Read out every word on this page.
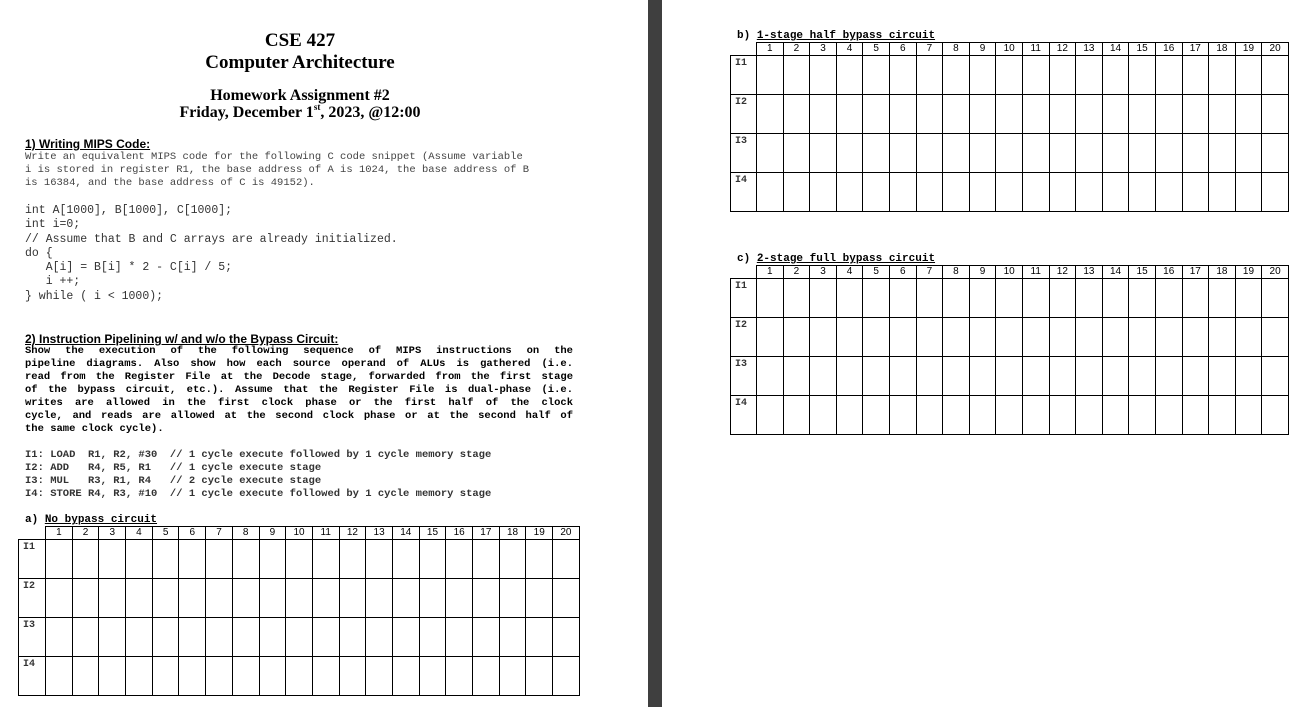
CSE 427
Computer Architecture
Homework Assignment #2
Friday, December 1st, 2023, @12:00
1) Writing MIPS Code:
Write an equivalent MIPS code for the following C code snippet (Assume variable
i is stored in register R1, the base address of A is 1024, the base address of B
is 16384, and the base address of C is 49152).
int A[1000], B[1000], C[1000];
int i=0;
// Assume that B and C arrays are already initialized.
do {
A[i] = B[i] * 2 - C[i] / 5;
i ++;
} while ( i < 1000);
2) Instruction Pipelining w/ and w/o the Bypass Circuit:
Show the execution of the following sequence of MIPS instructions on the
pipeline diagrams. Also show how each source operand of ALUs is gathered (i.e.
read from the Register File at the Decode stage, forwarded from the first stage
of the bypass circuit, etc.). Assume that the Register File is dual-phase (i.e.
writes are allowed in the first clock phase or the first half of the clock
cycle, and reads are allowed at the second clock phase or at the second half of
the same clock cycle).
I1: LOAD  R1, R2, #30  // 1 cycle execute followed by 1 cycle memory stage
I2: ADD   R4, R5, R1   // 1 cycle execute stage
I3: MUL   R3, R1, R4   // 2 cycle execute stage
I4: STORE R4, R3, #10  // 1 cycle execute followed by 1 cycle memory stage
a) No bypass circuit
	1	2	3	4	5	6	7	8	9	10	11	12	13	14	15	16	17	18	19	20
I1																				
I2																				
I3																				
I4																				
b) 1-stage half bypass circuit
	1	2	3	4	5	6	7	8	9	10	11	12	13	14	15	16	17	18	19	20
I1																				
I2																				
I3																				
I4																				
c) 2-stage full bypass circuit
	1	2	3	4	5	6	7	8	9	10	11	12	13	14	15	16	17	18	19	20
I1																				
I2																				
I3																				
I4																				
